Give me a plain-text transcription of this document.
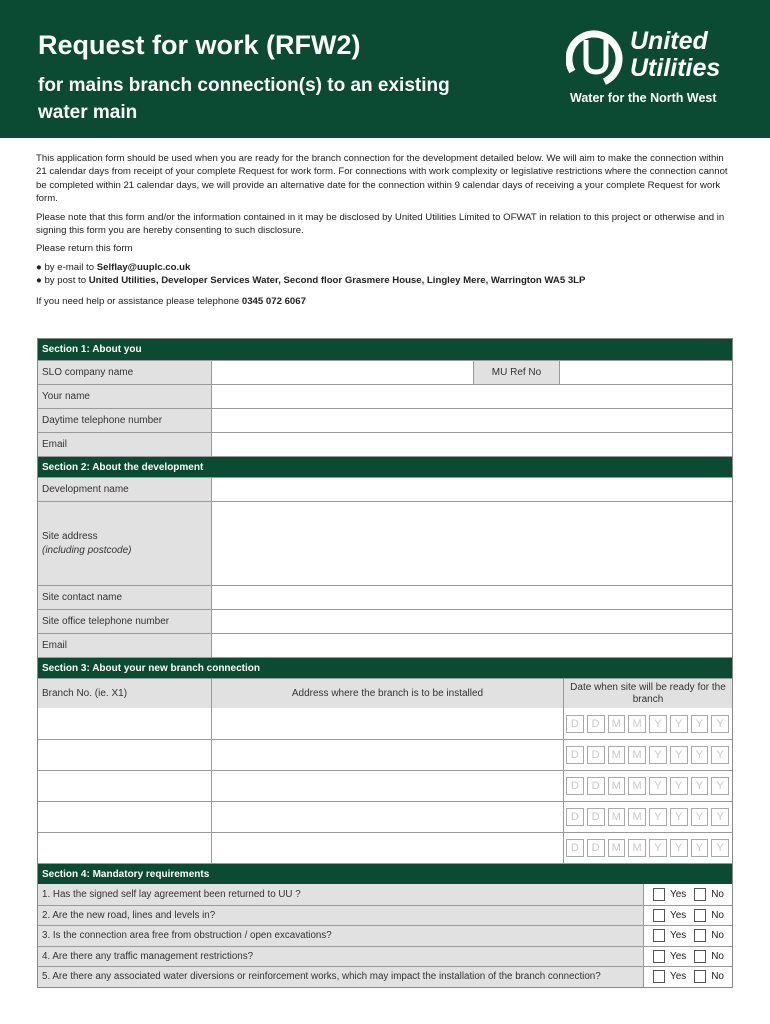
Request for work (RFW2)
for mains branch connection(s) to an existing water main
United
Utilities
Water for the North West

This application form should be used when you are ready for the branch connection for the development detailed below. We will aim to make the connection within 21 calendar days from receipt of your complete Request for work form. For connections with work complexity or legislative restrictions where the connection cannot be completed within 21 calendar days, we will provide an alternative date for the connection within 9 calendar days of receiving a your complete Request for work form.

Please note that this form and/or the information contained in it may be disclosed by United Utilities Limited to OFWAT in relation to this project or otherwise and in signing this form you are hereby consenting to such disclosure.

Please return this form

● by e-mail to Selflay@uuplc.co.uk

● by post to United Utilities, Developer Services Water, Second floor Grasmere House, Lingley Mere, Warrington WA5 3LP

If you need help or assistance please telephone 0345 072 6067

Section 1: About you
SLO company name	MU Ref No
Your name
Daytime telephone number
Email
Section 2: About the development
Development name
Site address
(including postcode)
Site contact name
Site office telephone number
Email
Section 3: About your new branch connection
Branch No. (ie. X1)	Address where the branch is to be installed
Date when site will be ready for the branch
D	D	M	M	Y	Y	Y	Y
D	D	M	M	Y	Y	Y	Y
D	D	M	M	Y	Y	Y	Y
D	D	M	M	Y	Y	Y	Y
D	D	M	M	Y	Y	Y	Y
Section 4: Mandatory requirements
1. Has the signed self lay agreement been returned to UU ?	Yes No
2. Are the new road, lines and levels in?	Yes No
3. Is the connection area free from obstruction / open excavations?	Yes No
4. Are there any traffic management restrictions?	Yes No
5. Are there any associated water diversions or reinforcement works, which may impact the installation of the branch connection?	Yes No
